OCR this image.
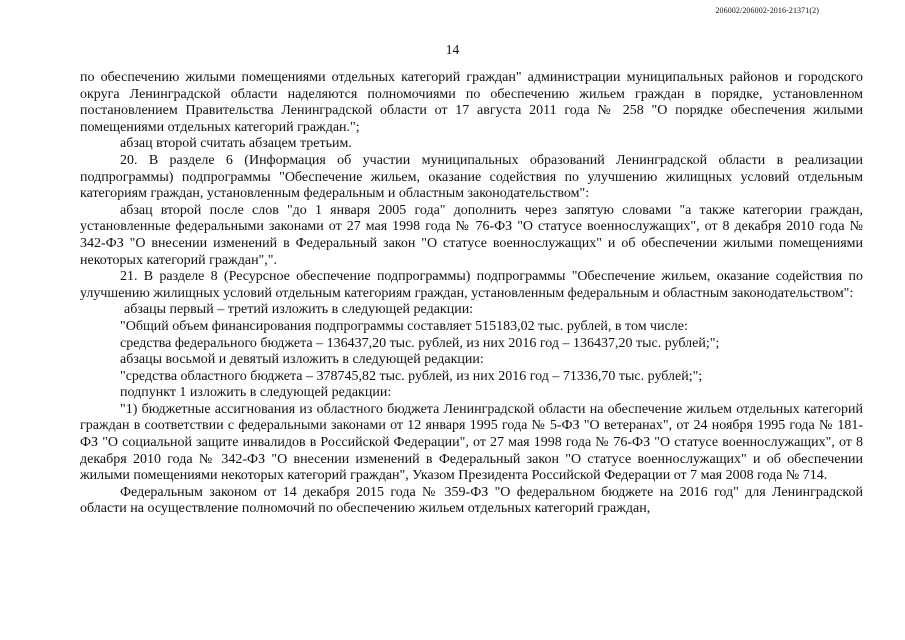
206002/206002-2016-21371(2)
14

по обеспечению жилыми помещениями отдельных категорий граждан" администрации муниципальных районов и городского округа Ленинградской области наделяются полномочиями по обеспечению жильем граждан в порядке, установленном постановлением Правительства Ленинградской области от 17 августа 2011 года № 258 "О порядке обеспечения жилыми помещениями отдельных категорий граждан.";

абзац второй считать абзацем третьим.

20. В разделе 6 (Информация об участии муниципальных образований Ленинградской области в реализации подпрограммы) подпрограммы "Обеспечение жильем, оказание содействия по улучшению жилищных условий отдельным категориям граждан, установленным федеральным и областным законодательством":

абзац второй после слов "до 1 января 2005 года" дополнить через запятую словами "а также категории граждан, установленные федеральными законами от 27 мая 1998 года № 76-ФЗ "О статусе военнослужащих", от 8 декабря 2010 года № 342-ФЗ "О внесении изменений в Федеральный закон "О статусе военнослужащих" и об обеспечении жилыми помещениями некоторых категорий граждан",".

21. В разделе 8 (Ресурсное обеспечение подпрограммы) подпрограммы "Обеспечение жильем, оказание содействия по улучшению жилищных условий отдельным категориям граждан, установленным федеральным и областным законодательством":

абзацы первый – третий изложить в следующей редакции:

"Общий объем финансирования подпрограммы составляет 515183,02 тыс. рублей, в том числе:

средства федерального бюджета – 136437,20 тыс. рублей, из них 2016 год – 136437,20 тыс. рублей;";

абзацы восьмой и девятый изложить в следующей редакции:

"средства областного бюджета – 378745,82 тыс. рублей, из них 2016 год – 71336,70 тыс. рублей;";

подпункт 1 изложить в следующей редакции:

"1) бюджетные ассигнования из областного бюджета Ленинградской области на обеспечение жильем отдельных категорий граждан в соответствии с федеральными законами от 12 января 1995 года № 5-ФЗ "О ветеранах", от 24 ноября 1995 года № 181-ФЗ "О социальной защите инвалидов в Российской Федерации", от 27 мая 1998 года № 76-ФЗ "О статусе военнослужащих", от 8 декабря 2010 года № 342-ФЗ "О внесении изменений в Федеральный закон "О статусе военнослужащих" и об обеспечении жилыми помещениями некоторых категорий граждан", Указом Президента Российской Федерации от 7 мая 2008 года № 714.

Федеральным законом от 14 декабря 2015 года № 359-ФЗ "О федеральном бюджете на 2016 год" для Ленинградской области на осуществление полномочий по обеспечению жильем отдельных категорий граждан,
